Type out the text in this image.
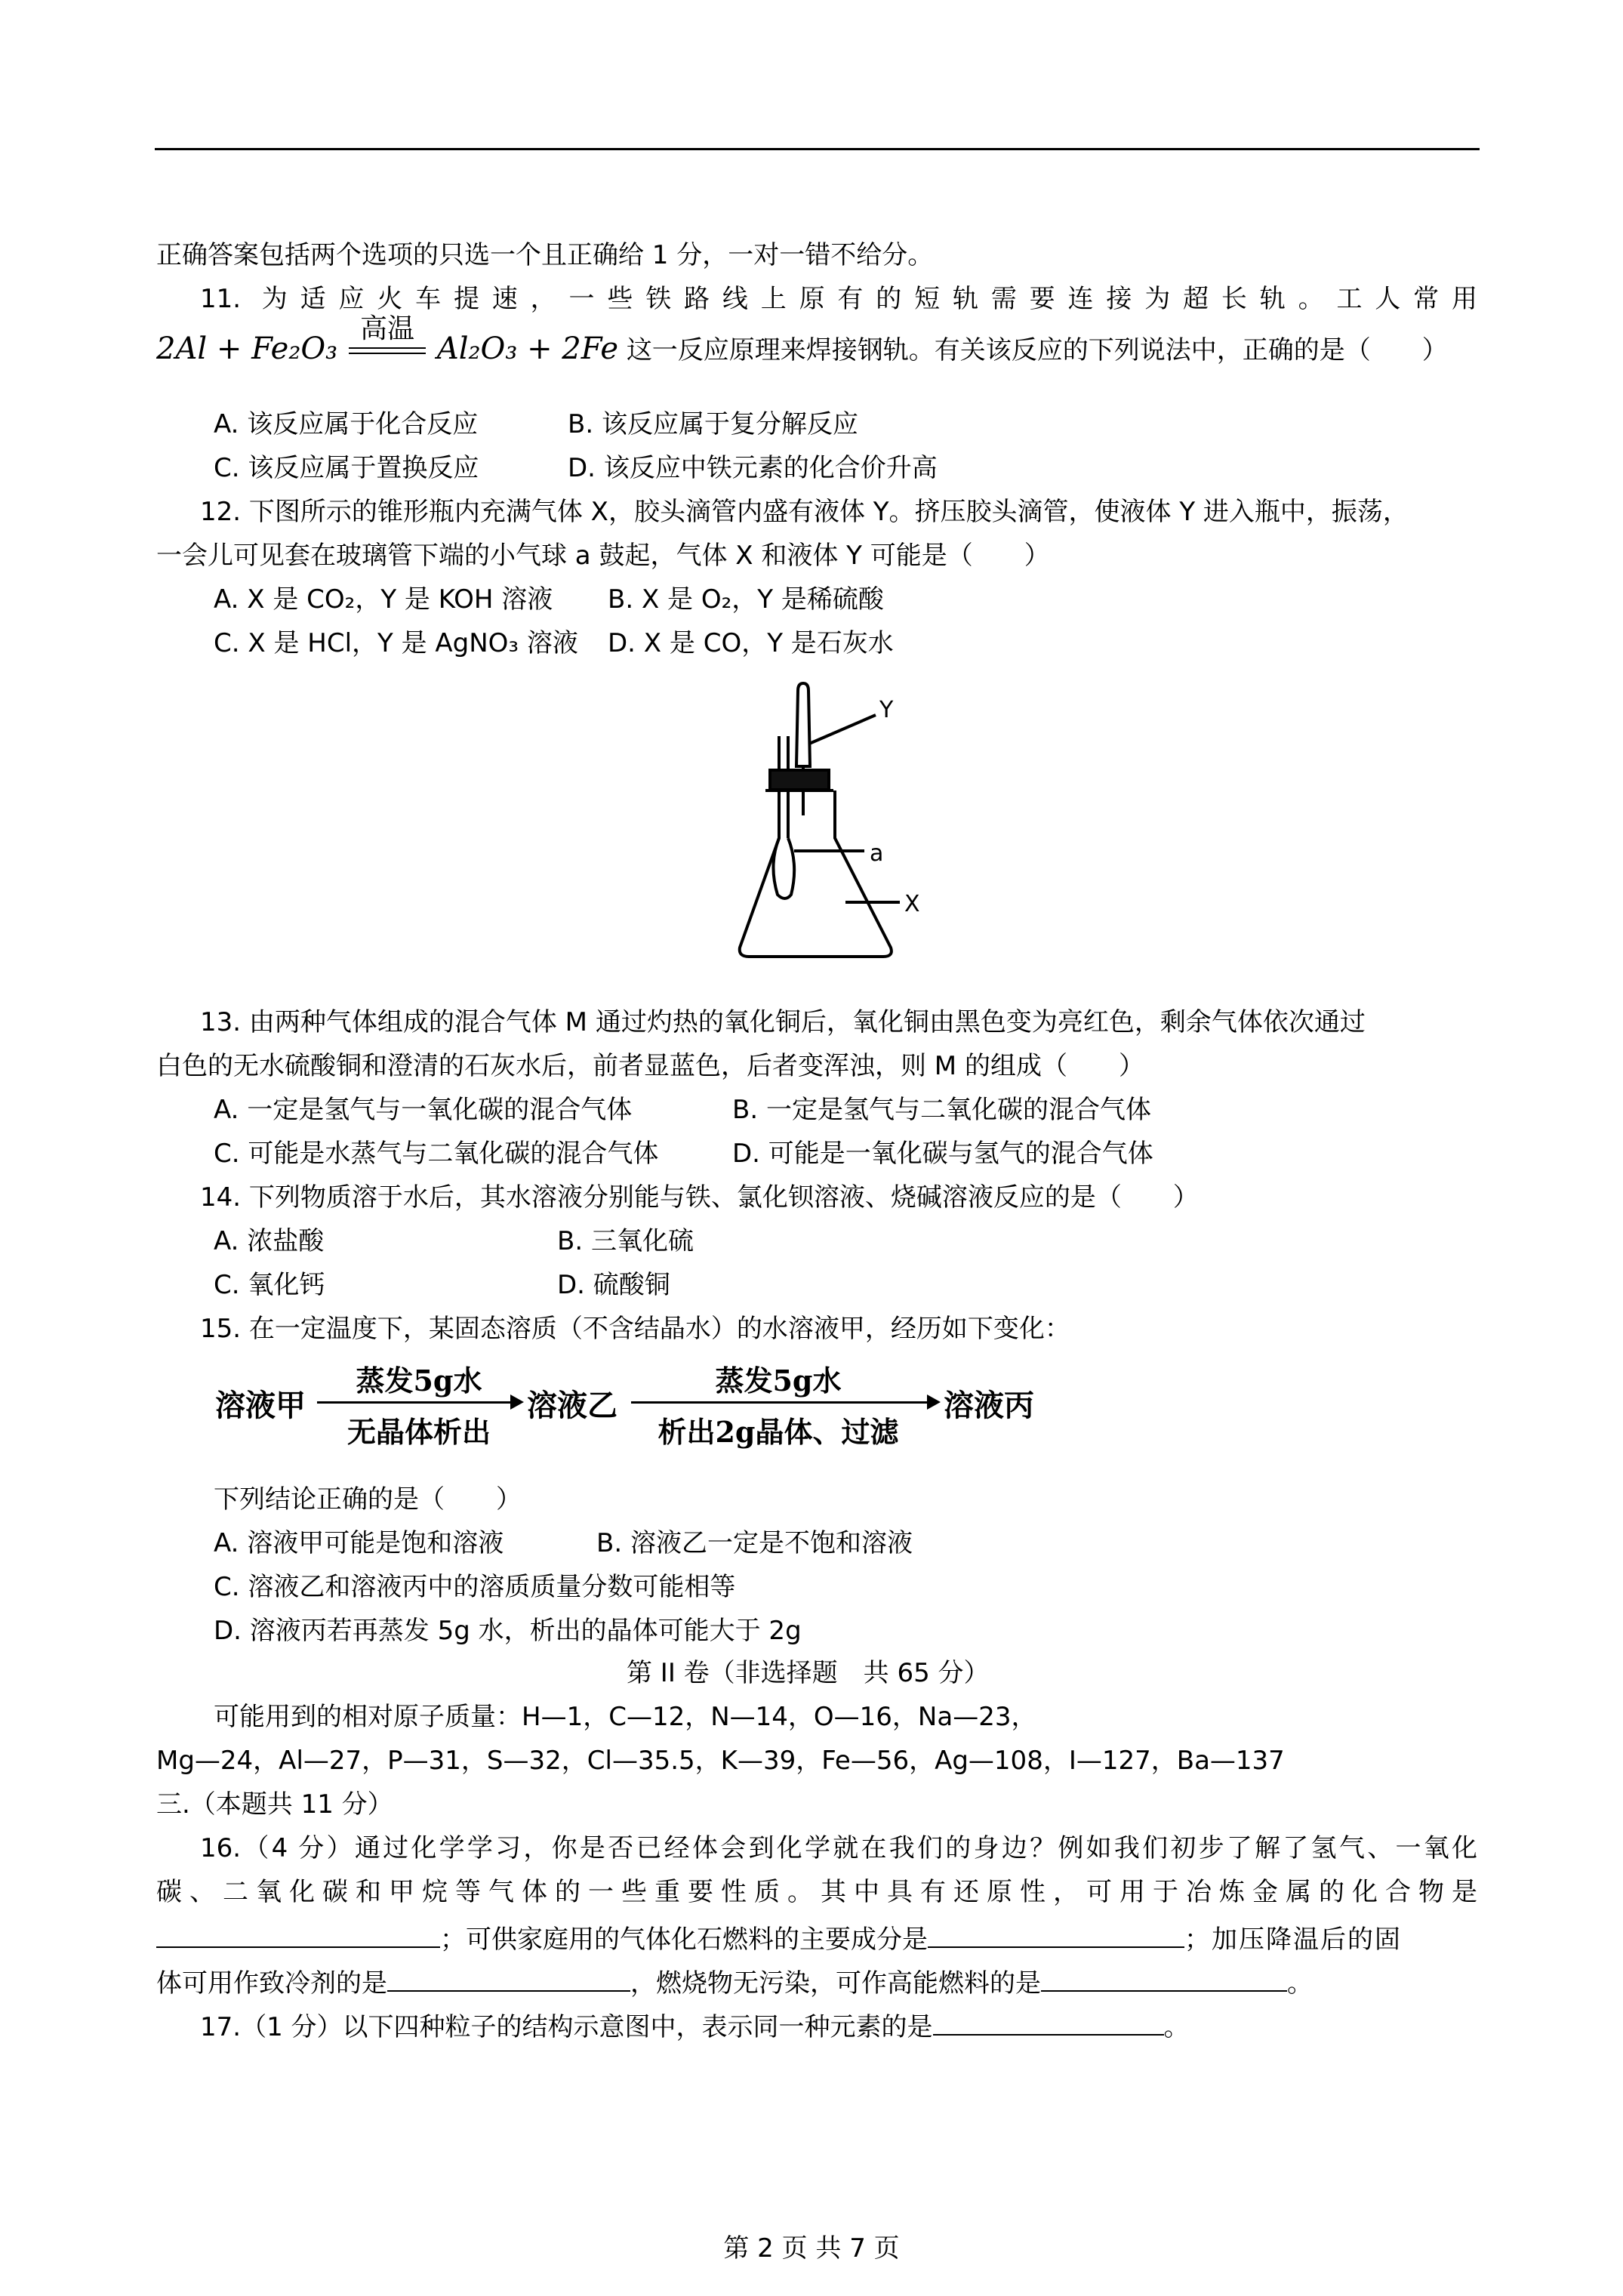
正确答案包括两个选项的只选一个且正确给 1 分，一对一错不给分。
11. 为适应火车提速，一些铁路线上原有的短轨需要连接为超长轨。工人常用
2Al + Fe₂O₃
高温
Al₂O₃ + 2Fe 这一反应原理来焊接钢轨。有关该反应的下列说法中，正确的是（　　）
A. 该反应属于化合反应	B. 该反应属于复分解反应
C. 该反应属于置换反应	D. 该反应中铁元素的化合价升高
12. 下图所示的锥形瓶内充满气体 X，胶头滴管内盛有液体 Y。挤压胶头滴管，使液体 Y 进入瓶中，振荡，
一会儿可见套在玻璃管下端的小气球 a 鼓起，气体 X 和液体 Y 可能是（　　）
A. X 是 CO₂，Y 是 KOH 溶液 B. X 是 O₂，Y 是稀硫酸
C. X 是 HCl，Y 是 AgNO₃ 溶液 D. X 是 CO，Y 是石灰水
Y
a
X
13. 由两种气体组成的混合气体 M 通过灼热的氧化铜后，氧化铜由黑色变为亮红色，剩余气体依次通过
白色的无水硫酸铜和澄清的石灰水后，前者显蓝色，后者变浑浊，则 M 的组成（　　）
A. 一定是氢气与一氧化碳的混合气体	B. 一定是氢气与二氧化碳的混合气体
C. 可能是水蒸气与二氧化碳的混合气体	D. 可能是一氧化碳与氢气的混合气体
14. 下列物质溶于水后，其水溶液分别能与铁、氯化钡溶液、烧碱溶液反应的是（　　）
A. 浓盐酸	B. 三氧化硫
C. 氧化钙	D. 硫酸铜
15. 在一定温度下，某固态溶质（不含结晶水）的水溶液甲，经历如下变化：
溶液甲
蒸发5g水
无晶体析出
溶液乙
蒸发5g水
析出2g晶体、过滤
溶液丙
下列结论正确的是（　　）
A. 溶液甲可能是饱和溶液	B. 溶液乙一定是不饱和溶液
C. 溶液乙和溶液丙中的溶质质量分数可能相等
D. 溶液丙若再蒸发 5g 水，析出的晶体可能大于 2g
第 II 卷（非选择题　共 65 分）
可能用到的相对原子质量：H—1，C—12，N—14，O—16，Na—23，
Mg—24，Al—27，P—31，S—32，Cl—35.5，K—39，Fe—56，Ag—108，I—127，Ba—137
三.（本题共 11 分）
16.（4 分）通过化学学习，你是否已经体会到化学就在我们的身边？例如我们初步了解了氢气、一氧化
碳、二氧化碳和甲烷等气体的一些重要性质。其中具有还原性，可用于冶炼金属的化合物是
；可供家庭用的气体化石燃料的主要成分是	；加压降温后的固
体可用作致冷剂的是	，燃烧物无污染，可作高能燃料的是	。
17.（1 分）以下四种粒子的结构示意图中，表示同一种元素的是	。
第 2 页 共 7 页
